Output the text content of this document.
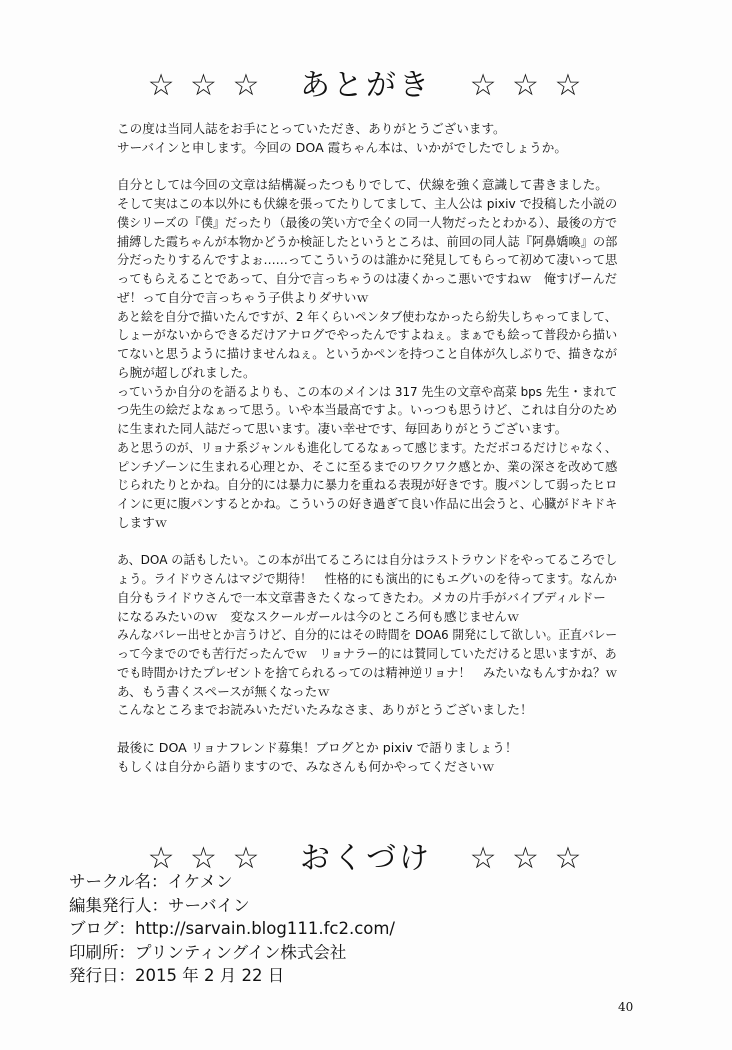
☆ ☆ ☆   あとがき   ☆ ☆ ☆
この度は当同人誌をお手にとっていただき、ありがとうございます。
サーバインと申します。今回の DOA 霞ちゃん本は、いかがでしたでしょうか。
自分としては今回の文章は結構凝ったつもりでして、伏線を強く意識して書きました。
そして実はこの本以外にも伏線を張ってたりしてまして、主人公は pixiv で投稿した小説の
僕シリーズの『僕』だったり（最後の笑い方で全くの同一人物だったとわかる）、最後の方で
捕縛した霞ちゃんが本物かどうか検証したというところは、前回の同人誌『阿鼻嬌喚』の部
分だったりするんですよぉ……ってこういうのは誰かに発見してもらって初めて凄いって思
ってもらえることであって、自分で言っちゃうのは凄くかっこ悪いですねｗ　俺すげーんだ
ぜ！って自分で言っちゃう子供よりダサいｗ
あと絵を自分で描いたんですが、2 年くらいペンタブ使わなかったら紛失しちゃってまして、
しょーがないからできるだけアナログでやったんですよねぇ。まぁでも絵って普段から描い
てないと思うように描けませんねぇ。というかペンを持つこと自体が久しぶりで、描きなが
ら腕が超しびれました。
っていうか自分のを語るよりも、この本のメインは 317 先生の文章や高菜 bps 先生・まれて
つ先生の絵だよなぁって思う。いや本当最高ですよ。いっつも思うけど、これは自分のため
に生まれた同人誌だって思います。凄い幸せです、毎回ありがとうございます。
あと思うのが、リョナ系ジャンルも進化してるなぁって感じます。ただボコるだけじゃなく、
ピンチゾーンに生まれる心理とか、そこに至るまでのワクワク感とか、業の深さを改めて感
じられたりとかね。自分的には暴力に暴力を重ねる表現が好きです。腹パンして弱ったヒロ
インに更に腹パンするとかね。こういうの好き過ぎて良い作品に出会うと、心臓がドキドキ
しますｗ
あ、DOA の話もしたい。この本が出てるころには自分はラストラウンドをやってるころでし
ょう。ライドウさんはマジで期待！　性格的にも演出的にもエグいのを待ってます。なんか
自分もライドウさんで一本文章書きたくなってきたわ。メカの片手がバイブディルドー
になるみたいのｗ　変なスクールガールは今のところ何も感じませんｗ
みんなバレー出せとか言うけど、自分的にはその時間を DOA6 開発にして欲しい。正直バレー
って今までのでも苦行だったんでｗ　リョナラー的には賛同していただけると思いますが、あ
でも時間かけたプレゼントを捨てられるってのは精神逆リョナ！　みたいなもんすかね？ｗ
あ、もう書くスペースが無くなったｗ
こんなところまでお読みいただいたみなさま、ありがとうございました！
最後に DOA リョナフレンド募集！ブログとか pixiv で語りましょう！
もしくは自分から語りますので、みなさんも何かやってくださいｗ
☆ ☆ ☆   おくづけ   ☆ ☆ ☆
サークル名：イケメン
編集発行人：サーバイン
ブログ：http://sarvain.blog111.fc2.com/
印刷所：プリンティングイン株式会社
発行日：2015 年 2 月 22 日
40
